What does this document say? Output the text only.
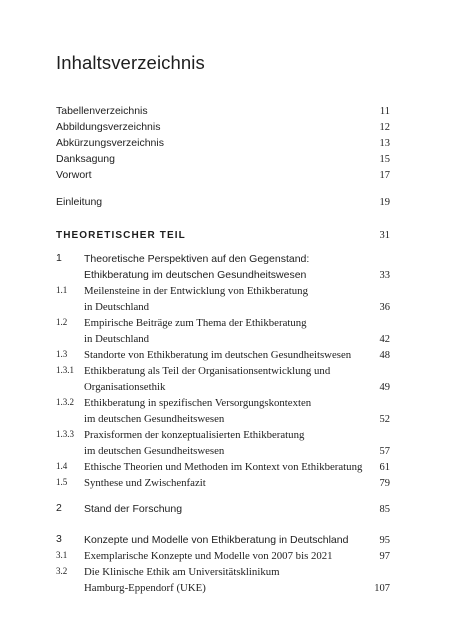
Inhaltsverzeichnis
Tabellenverzeichnis	11
Abbildungsverzeichnis	12
Abkürzungsverzeichnis	13
Danksagung	15
Vorwort	17
Einleitung	19
THEORETISCHER TEIL	31
1 Theoretische Perspektiven auf den Gegenstand:
Ethikberatung im deutschen Gesundheitswesen	33
1.1 Meilensteine in der Entwicklung von Ethikberatung
in Deutschland	36
1.2 Empirische Beiträge zum Thema der Ethikberatung
in Deutschland	42
1.3 Standorte von Ethikberatung im deutschen Gesundheitswesen	48
1.3.1 Ethikberatung als Teil der Organisationsentwicklung und
Organisationsethik	49
1.3.2 Ethikberatung in spezifischen Versorgungskontexten
im deutschen Gesundheitswesen	52
1.3.3 Praxisformen der konzeptualisierten Ethikberatung
im deutschen Gesundheitswesen	57
1.4 Ethische Theorien und Methoden im Kontext von Ethikberatung 61
1.5 Synthese und Zwischenfazit	79
2 Stand der Forschung	85
3 Konzepte und Modelle von Ethikberatung in Deutschland	95
3.1 Exemplarische Konzepte und Modelle von 2007 bis 2021	97
3.2 Die Klinische Ethik am Universitätsklinikum
Hamburg-Eppendorf (UKE)	107
